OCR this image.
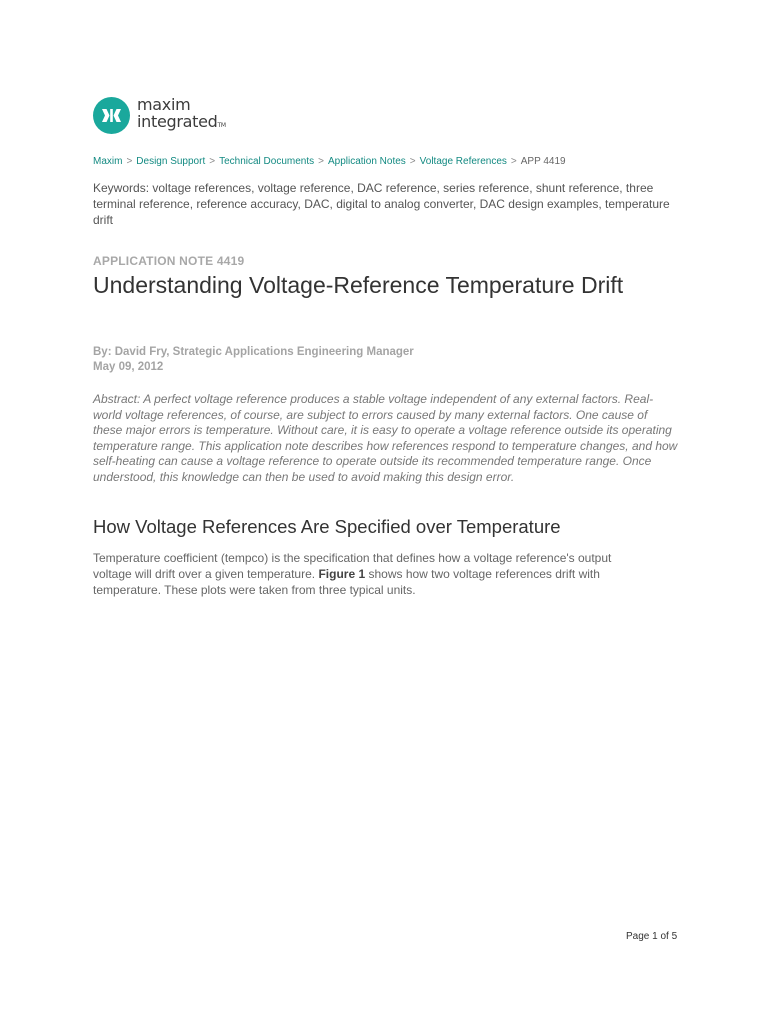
maxim
integratedTM
Maxim > Design Support > Technical Documents > Application Notes > Voltage References > APP 4419
Keywords: voltage references, voltage reference, DAC reference, series reference, shunt reference, three terminal reference, reference accuracy, DAC, digital to analog converter, DAC design examples, temperature drift
APPLICATION NOTE 4419
Understanding Voltage-Reference Temperature Drift
By: David Fry, Strategic Applications Engineering Manager
May 09, 2012

Abstract: A perfect voltage reference produces a stable voltage independent of any external factors. Real-world voltage references, of course, are subject to errors caused by many external factors. One cause of these major errors is temperature. Without care, it is easy to operate a voltage reference outside its operating temperature range. This application note describes how references respond to temperature changes, and how self-heating can cause a voltage reference to operate outside its recommended temperature range. Once understood, this knowledge can then be used to avoid making this design error.

How Voltage References Are Specified over Temperature

Temperature coefficient (tempco) is the specification that defines how a voltage reference's output voltage will drift over a given temperature. Figure 1 shows how two voltage references drift with temperature. These plots were taken from three typical units.

Page 1 of 5
